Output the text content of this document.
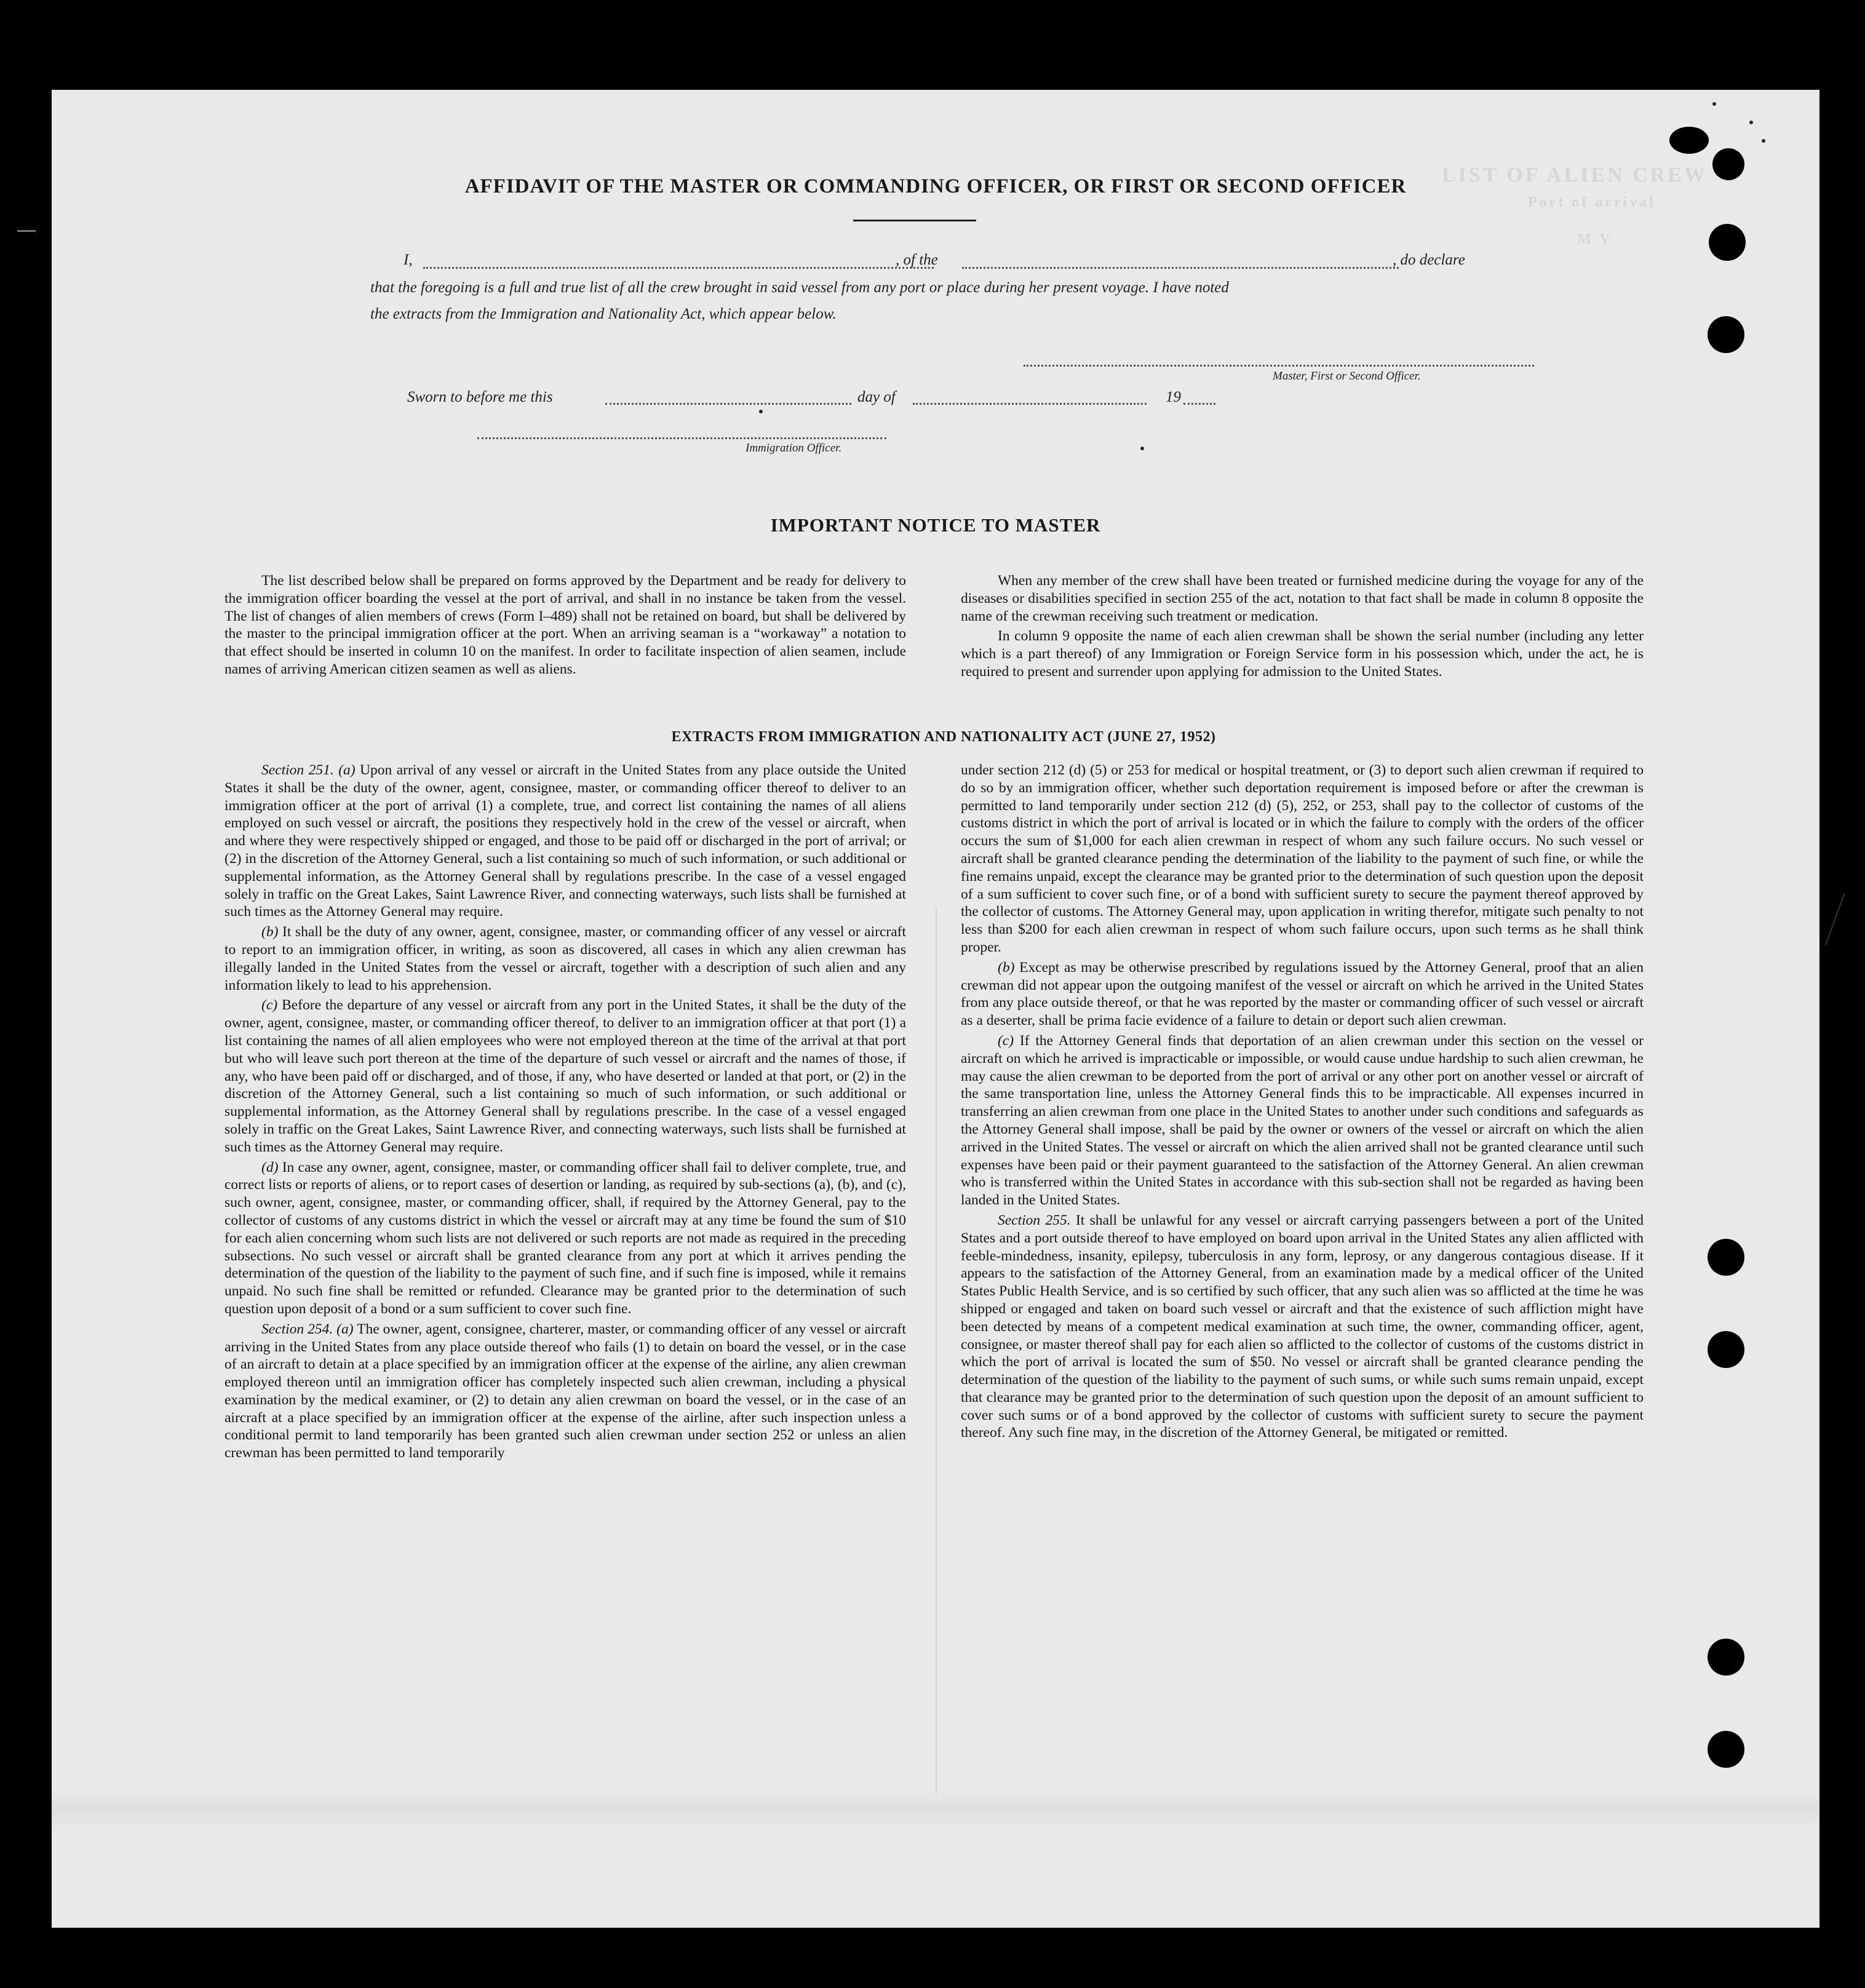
LIST OF ALIEN CREW
Port of arrival
M V
AFFIDAVIT OF THE MASTER OR COMMANDING OFFICER, OR FIRST OR SECOND OFFICER
I,	, of the	, do declare
that the foregoing is a full and true list of all the crew brought in said vessel from any port or place during her present voyage. I have noted
the extracts from the Immigration and Nationality Act, which appear below.
Master, First or Second Officer.
Sworn to before me this	day of	19
Immigration Officer.
IMPORTANT NOTICE TO MASTER

The list described below shall be prepared on forms approved by the Department and be ready for delivery to the immigration officer boarding the vessel at the port of arrival, and shall in no instance be taken from the vessel. The list of changes of alien members of crews (Form I–489) shall not be retained on board, but shall be delivered by the master to the principal immigration officer at the port. When an arriving seaman is a “workaway” a notation to that effect should be inserted in column 10 on the manifest. In order to facilitate inspection of alien seamen, include names of arriving American citizen seamen as well as aliens.

When any member of the crew shall have been treated or furnished medicine during the voyage for any of the diseases or disabilities specified in section 255 of the act, notation to that fact shall be made in column 8 opposite the name of the crewman receiving such treatment or medication.

In column 9 opposite the name of each alien crewman shall be shown the serial number (including any letter which is a part thereof) of any Immigration or Foreign Service form in his possession which, under the act, he is required to present and surrender upon applying for admission to the United States.

EXTRACTS FROM IMMIGRATION AND NATIONALITY ACT (JUNE 27, 1952)

Section 251. (a) Upon arrival of any vessel or aircraft in the United States from any place outside the United States it shall be the duty of the owner, agent, consignee, master, or commanding officer thereof to deliver to an immigration officer at the port of arrival (1) a complete, true, and correct list containing the names of all aliens employed on such vessel or aircraft, the positions they respectively hold in the crew of the vessel or aircraft, when and where they were respectively shipped or engaged, and those to be paid off or discharged in the port of arrival; or (2) in the discretion of the Attorney General, such a list containing so much of such information, or such additional or supplemental information, as the Attorney General shall by regulations prescribe. In the case of a vessel engaged solely in traffic on the Great Lakes, Saint Lawrence River, and connecting waterways, such lists shall be furnished at such times as the Attorney General may require.

(b) It shall be the duty of any owner, agent, consignee, master, or commanding officer of any vessel or aircraft to report to an immigration officer, in writing, as soon as discovered, all cases in which any alien crewman has illegally landed in the United States from the vessel or aircraft, together with a description of such alien and any information likely to lead to his apprehension.

(c) Before the departure of any vessel or aircraft from any port in the United States, it shall be the duty of the owner, agent, consignee, master, or commanding officer thereof, to deliver to an immigration officer at that port (1) a list containing the names of all alien employees who were not employed thereon at the time of the arrival at that port but who will leave such port thereon at the time of the departure of such vessel or aircraft and the names of those, if any, who have been paid off or discharged, and of those, if any, who have deserted or landed at that port, or (2) in the discretion of the Attorney General, such a list containing so much of such information, or such additional or supplemental information, as the Attorney General shall by regulations prescribe. In the case of a vessel engaged solely in traffic on the Great Lakes, Saint Lawrence River, and connecting waterways, such lists shall be furnished at such times as the Attorney General may require.

(d) In case any owner, agent, consignee, master, or commanding officer shall fail to deliver complete, true, and correct lists or reports of aliens, or to report cases of desertion or landing, as required by sub-sections (a), (b), and (c), such owner, agent, consignee, master, or commanding officer, shall, if required by the Attorney General, pay to the collector of customs of any customs district in which the vessel or aircraft may at any time be found the sum of $10 for each alien concerning whom such lists are not delivered or such reports are not made as required in the preceding subsections. No such vessel or aircraft shall be granted clearance from any port at which it arrives pending the determination of the question of the liability to the payment of such fine, and if such fine is imposed, while it remains unpaid. No such fine shall be remitted or refunded. Clearance may be granted prior to the determination of such question upon deposit of a bond or a sum sufficient to cover such fine.

Section 254. (a) The owner, agent, consignee, charterer, master, or commanding officer of any vessel or aircraft arriving in the United States from any place outside thereof who fails (1) to detain on board the vessel, or in the case of an aircraft to detain at a place specified by an immigration officer at the expense of the airline, any alien crewman employed thereon until an immigration officer has completely inspected such alien crewman, including a physical examination by the medical examiner, or (2) to detain any alien crewman on board the vessel, or in the case of an aircraft at a place specified by an immigration officer at the expense of the airline, after such inspection unless a conditional permit to land temporarily has been granted such alien crewman under section 252 or unless an alien crewman has been permitted to land temporarily

under section 212 (d) (5) or 253 for medical or hospital treatment, or (3) to deport such alien crewman if required to do so by an immigration officer, whether such deportation requirement is imposed before or after the crewman is permitted to land temporarily under section 212 (d) (5), 252, or 253, shall pay to the collector of customs of the customs district in which the port of arrival is located or in which the failure to comply with the orders of the officer occurs the sum of $1,000 for each alien crewman in respect of whom any such failure occurs. No such vessel or aircraft shall be granted clearance pending the determination of the liability to the payment of such fine, or while the fine remains unpaid, except the clearance may be granted prior to the determination of such question upon the deposit of a sum sufficient to cover such fine, or of a bond with sufficient surety to secure the payment thereof approved by the collector of customs. The Attorney General may, upon application in writing therefor, mitigate such penalty to not less than $200 for each alien crewman in respect of whom such failure occurs, upon such terms as he shall think proper.

(b) Except as may be otherwise prescribed by regulations issued by the Attorney General, proof that an alien crewman did not appear upon the outgoing manifest of the vessel or aircraft on which he arrived in the United States from any place outside thereof, or that he was reported by the master or commanding officer of such vessel or aircraft as a deserter, shall be prima facie evidence of a failure to detain or deport such alien crewman.

(c) If the Attorney General finds that deportation of an alien crewman under this section on the vessel or aircraft on which he arrived is impracticable or impossible, or would cause undue hardship to such alien crewman, he may cause the alien crewman to be deported from the port of arrival or any other port on another vessel or aircraft of the same transportation line, unless the Attorney General finds this to be impracticable. All expenses incurred in transferring an alien crewman from one place in the United States to another under such conditions and safeguards as the Attorney General shall impose, shall be paid by the owner or owners of the vessel or aircraft on which the alien arrived in the United States. The vessel or aircraft on which the alien arrived shall not be granted clearance until such expenses have been paid or their payment guaranteed to the satisfaction of the Attorney General. An alien crewman who is transferred within the United States in accordance with this sub-section shall not be regarded as having been landed in the United States.

Section 255. It shall be unlawful for any vessel or aircraft carrying passengers between a port of the United States and a port outside thereof to have employed on board upon arrival in the United States any alien afflicted with feeble-mindedness, insanity, epilepsy, tuberculosis in any form, leprosy, or any dangerous contagious disease. If it appears to the satisfaction of the Attorney General, from an examination made by a medical officer of the United States Public Health Service, and is so certified by such officer, that any such alien was so afflicted at the time he was shipped or engaged and taken on board such vessel or aircraft and that the existence of such affliction might have been detected by means of a competent medical examination at such time, the owner, commanding officer, agent, consignee, or master thereof shall pay for each alien so afflicted to the collector of customs of the customs district in which the port of arrival is located the sum of $50. No vessel or aircraft shall be granted clearance pending the determination of the question of the liability to the payment of such sums, or while such sums remain unpaid, except that clearance may be granted prior to the determination of such question upon the deposit of an amount sufficient to cover such sums or of a bond approved by the collector of customs with sufficient surety to secure the payment thereof. Any such fine may, in the discretion of the Attorney General, be mitigated or remitted.
